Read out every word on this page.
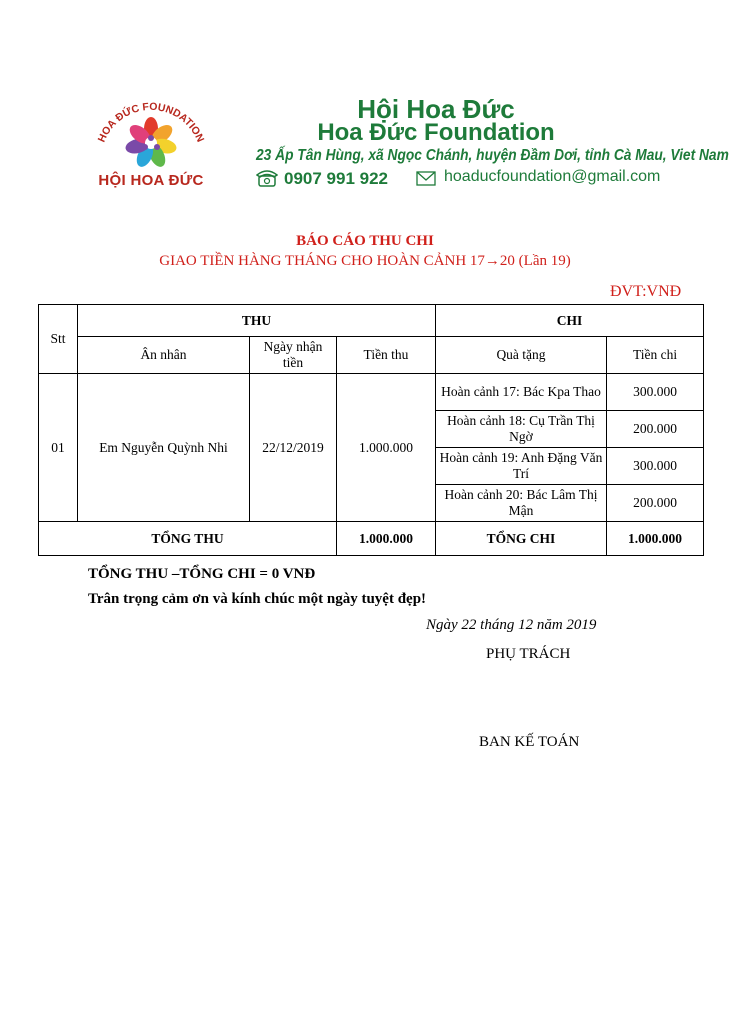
HOA ĐỨC FOUNDATION
HỘI HOA ĐỨC
Hội Hoa Đức
Hoa Đức Foundation
23 Ấp Tân Hùng, xã Ngọc Chánh, huyện Đầm Dơi, tỉnh Cà Mau, Viet Nam
0907 991 922	hoaducfoundation@gmail.com
BÁO CÁO THU CHI
GIAO TIỀN HÀNG THÁNG CHO HOÀN CẢNH 17→20 (Lần 19)
ĐVT:VNĐ
Stt	THU			CHI	
	Ân nhân	Ngày nhận tiền	Tiền thu	Quà tặng	Tiền chi
01	Em Nguyễn Quỳnh Nhi	22/12/2019	1.000.000	Hoàn cảnh 17: Bác Kpa Thao	300.000
				Hoàn cảnh 18: Cụ Trần Thị Ngờ	200.000
				Hoàn cảnh 19: Anh Đặng Văn Trí	300.000
				Hoàn cảnh 20: Bác Lâm Thị Mận	200.000
TỔNG THU			1.000.000	TỔNG CHI	1.000.000
TỔNG THU –TỔNG CHI = 0 VNĐ
Trân trọng cảm ơn và kính chúc một ngày tuyệt đẹp!
Ngày 22 tháng 12 năm 2019
PHỤ TRÁCH
BAN KẾ TOÁN
